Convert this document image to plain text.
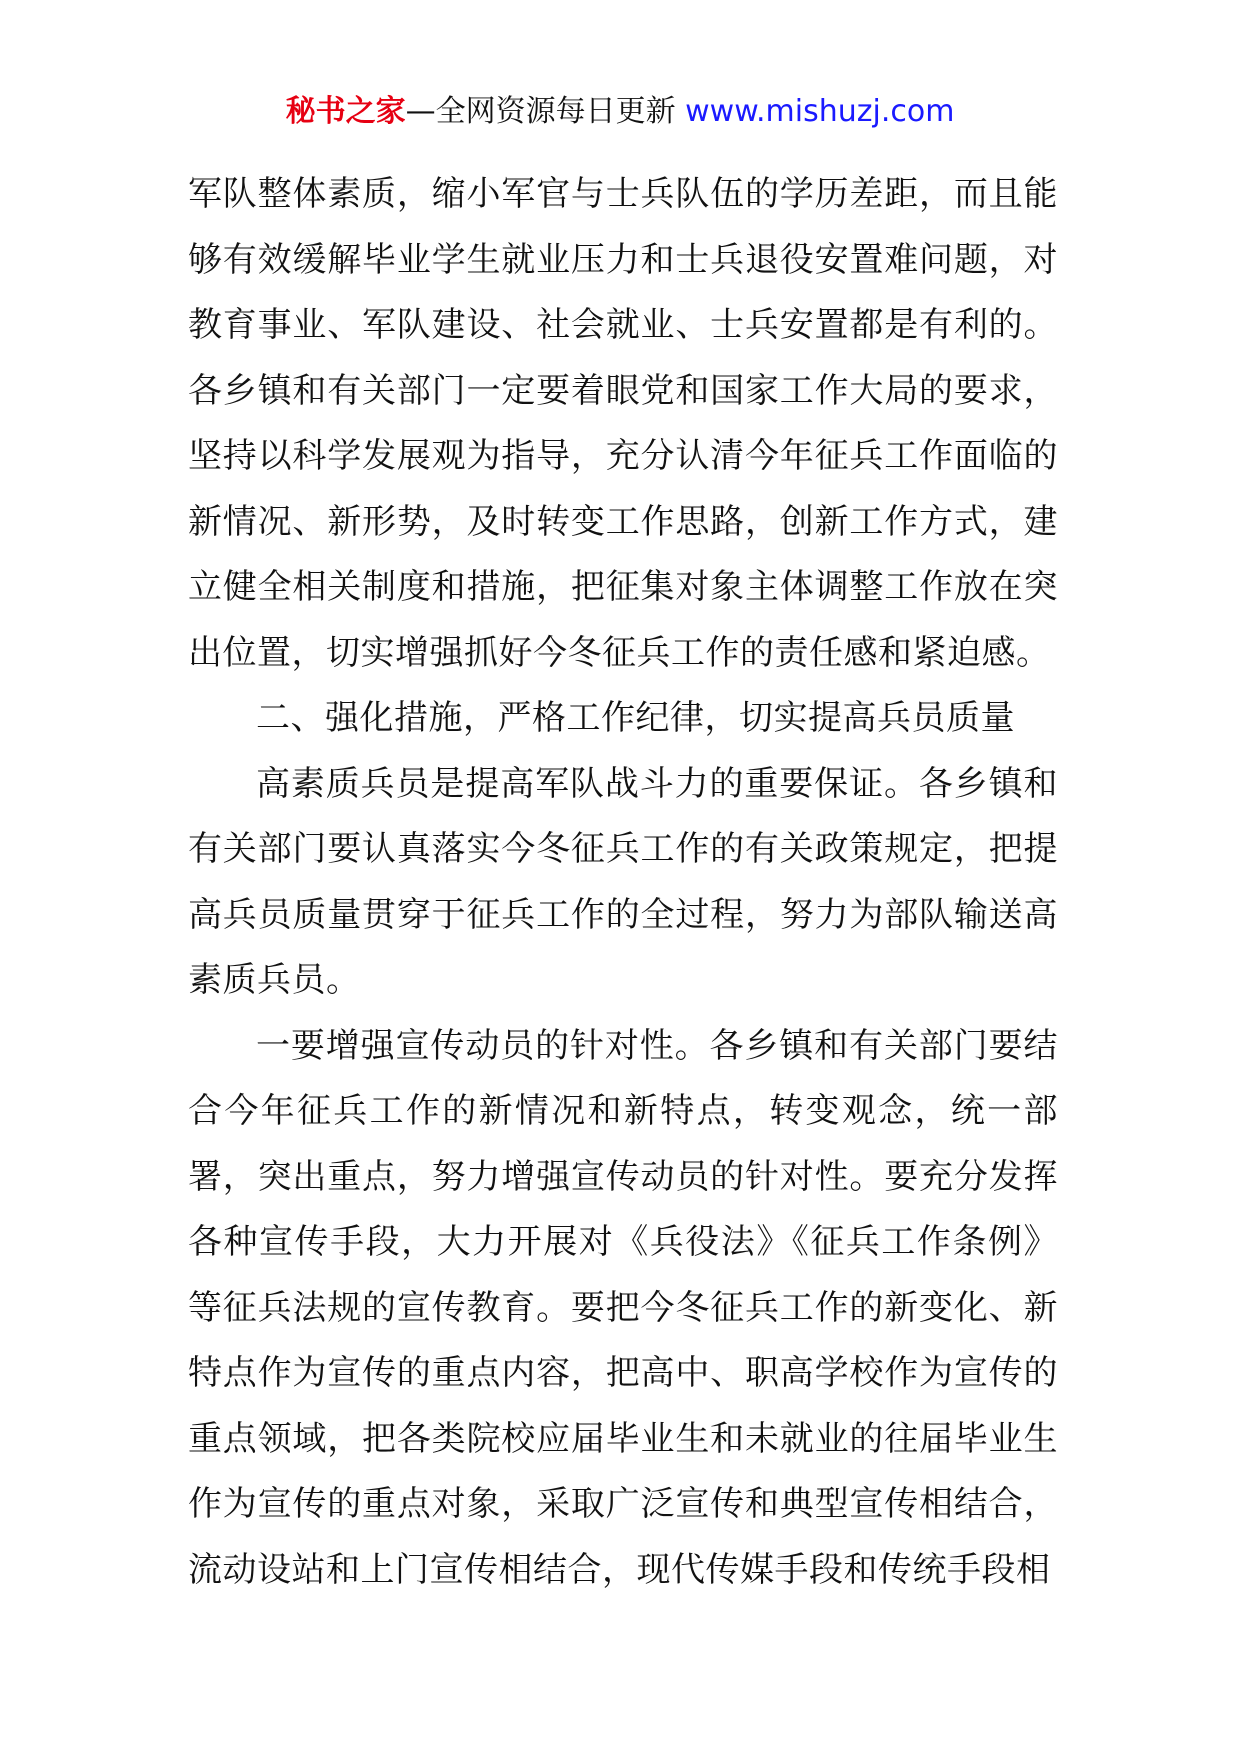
秘书之家—全网资源每日更新 www.mishuzj.com

军队整体素质，缩小军官与士兵队伍的学历差距，而且能够有效缓解毕业学生就业压力和士兵退役安置难问题，对教育事业、军队建设、社会就业、士兵安置都是有利的。各乡镇和有关部门一定要着眼党和国家工作大局的要求，坚持以科学发展观为指导，充分认清今年征兵工作面临的新情况、新形势，及时转变工作思路，创新工作方式，建立健全相关制度和措施，把征集对象主体调整工作放在突出位置，切实增强抓好今冬征兵工作的责任感和紧迫感。

二、强化措施，严格工作纪律，切实提高兵员质量

高素质兵员是提高军队战斗力的重要保证。各乡镇和有关部门要认真落实今冬征兵工作的有关政策规定，把提高兵员质量贯穿于征兵工作的全过程，努力为部队输送高素质兵员。

一要增强宣传动员的针对性。各乡镇和有关部门要结合今年征兵工作的新情况和新特点，转变观念，统一部署，突出重点，努力增强宣传动员的针对性。要充分发挥各种宣传手段，大力开展对《兵役法》《征兵工作条例》等征兵法规的宣传教育。要把今冬征兵工作的新变化、新特点作为宣传的重点内容，把高中、职高学校作为宣传的重点领域，把各类院校应届毕业生和未就业的往届毕业生作为宣传的重点对象，采取广泛宣传和典型宣传相结合，流动设站和上门宣传相结合，现代传媒手段和传统手段相
